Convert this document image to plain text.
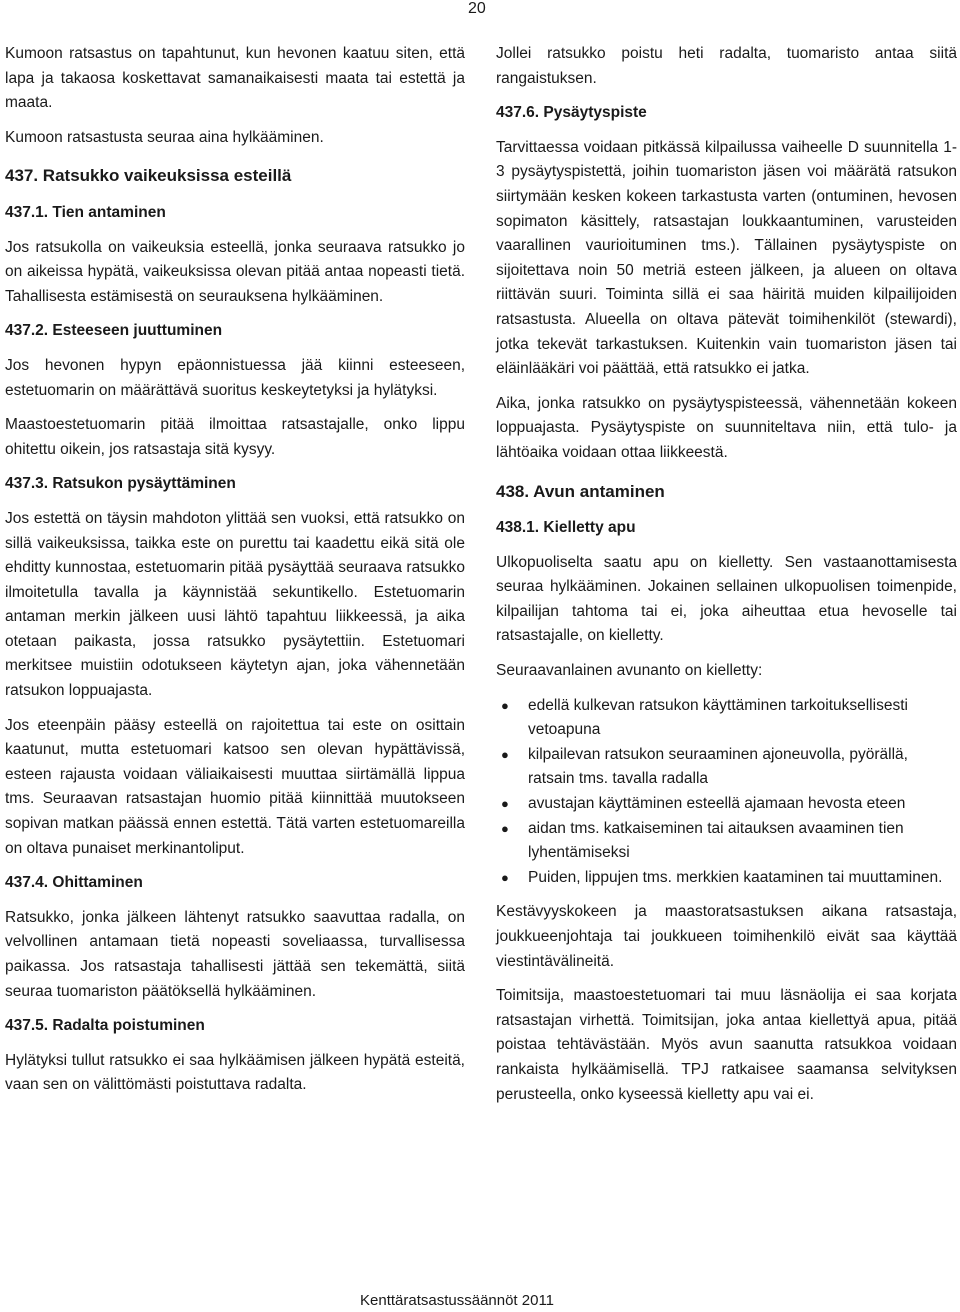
20

Kumoon ratsastus on tapahtunut, kun hevonen kaatuu siten, että lapa ja takaosa koskettavat samanaikaisesti maata tai estettä ja maata.

Kumoon ratsastusta seuraa aina hylkääminen.

437. Ratsukko vaikeuksissa esteillä
437.1. Tien antaminen

Jos ratsukolla on vaikeuksia esteellä, jonka seuraava ratsukko jo on aikeissa hypätä, vaikeuksissa olevan pitää antaa nopeasti tietä. Tahallisesta estämisestä on seurauksena hylkääminen.

437.2. Esteeseen juuttuminen

Jos hevonen hypyn epäonnistuessa jää kiinni esteeseen, estetuomarin on määrättävä suoritus keskeytetyksi ja hylätyksi.

Maastoestetuomarin pitää ilmoittaa ratsastajalle, onko lippu ohitettu oikein, jos ratsastaja sitä kysyy.

437.3. Ratsukon pysäyttäminen

Jos estettä on täysin mahdoton ylittää sen vuoksi, että ratsukko on sillä vaikeuksissa, taikka este on purettu tai kaadettu eikä sitä ole ehditty kunnostaa, estetuomarin pitää pysäyttää seuraava ratsukko ilmoitetulla tavalla ja käynnistää sekuntikello. Estetuomarin antaman merkin jälkeen uusi lähtö tapahtuu liikkeessä, ja aika otetaan paikasta, jossa ratsukko pysäytettiin. Estetuomari merkitsee muistiin odotukseen käytetyn ajan, joka vähennetään ratsukon loppuajasta.

Jos eteenpäin pääsy esteellä on rajoitettua tai este on osittain kaatunut, mutta estetuomari katsoo sen olevan hypättävissä, esteen rajausta voidaan väliaikaisesti muuttaa siirtämällä lippua tms. Seuraavan ratsastajan huomio pitää kiinnittää muutokseen sopivan matkan päässä ennen estettä. Tätä varten estetuomareilla on oltava punaiset merkinantoliput.

437.4. Ohittaminen

Ratsukko, jonka jälkeen lähtenyt ratsukko saavuttaa radalla, on velvollinen antamaan tietä nopeasti soveliaassa, turvallisessa paikassa. Jos ratsastaja tahallisesti jättää sen tekemättä, siitä seuraa tuomariston päätöksellä hylkääminen.

437.5. Radalta poistuminen

Hylätyksi tullut ratsukko ei saa hylkäämisen jälkeen hypätä esteitä, vaan sen on välittömästi poistuttava radalta.

Jollei ratsukko poistu heti radalta, tuomaristo antaa siitä rangaistuksen.

437.6. Pysäytyspiste

Tarvittaessa voidaan pitkässä kilpailussa vaiheelle D suunnitella 1-3 pysäytyspistettä, joihin tuomariston jäsen voi määrätä ratsukon siirtymään kesken kokeen tarkastusta varten (ontuminen, hevosen sopimaton käsittely, ratsastajan loukkaantuminen, varusteiden vaarallinen vaurioituminen tms.). Tällainen pysäytyspiste on sijoitettava noin 50 metriä esteen jälkeen, ja alueen on oltava riittävän suuri. Toiminta sillä ei saa häiritä muiden kilpailijoiden ratsastusta. Alueella on oltava pätevät toimihenkilöt (stewardi), jotka tekevät tarkastuksen. Kuitenkin vain tuomariston jäsen tai eläinlääkäri voi päättää, että ratsukko ei jatka.

Aika, jonka ratsukko on pysäytyspisteessä, vähennetään kokeen loppuajasta. Pysäytyspiste on suunniteltava niin, että tulo- ja lähtöaika voidaan ottaa liikkeestä.

438. Avun antaminen
438.1. Kielletty apu

Ulkopuoliselta saatu apu on kielletty. Sen vastaanottamisesta seuraa hylkääminen. Jokainen sellainen ulkopuolisen toimenpide, kilpailijan tahtoma tai ei, joka aiheuttaa etua hevoselle tai ratsastajalle, on kielletty.

Seuraavanlainen avunanto on kielletty:

● edellä kulkevan ratsukon käyttäminen tarkoituksellisesti vetoapuna
● kilpailevan ratsukon seuraaminen ajoneuvolla, pyörällä, ratsain tms. tavalla radalla
● avustajan käyttäminen esteellä ajamaan hevosta eteen
● aidan tms. katkaiseminen tai aitauksen avaaminen tien lyhentämiseksi
● Puiden, lippujen tms. merkkien kaataminen tai muuttaminen.

Kestävyyskokeen ja maastoratsastuksen aikana ratsastaja, joukkueenjohtaja tai joukkueen toimihenkilö eivät saa käyttää viestintävälineitä.

Toimitsija, maastoestetuomari tai muu läsnäolija ei saa korjata ratsastajan virhettä. Toimitsijan, joka antaa kiellettyä apua, pitää poistaa tehtävästään. Myös avun saanutta ratsukkoa voidaan rankaista hylkäämisellä. TPJ ratkaisee saamansa selvityksen perusteella, onko kyseessä kielletty apu vai ei.

Kenttäratsastussäännöt 2011
